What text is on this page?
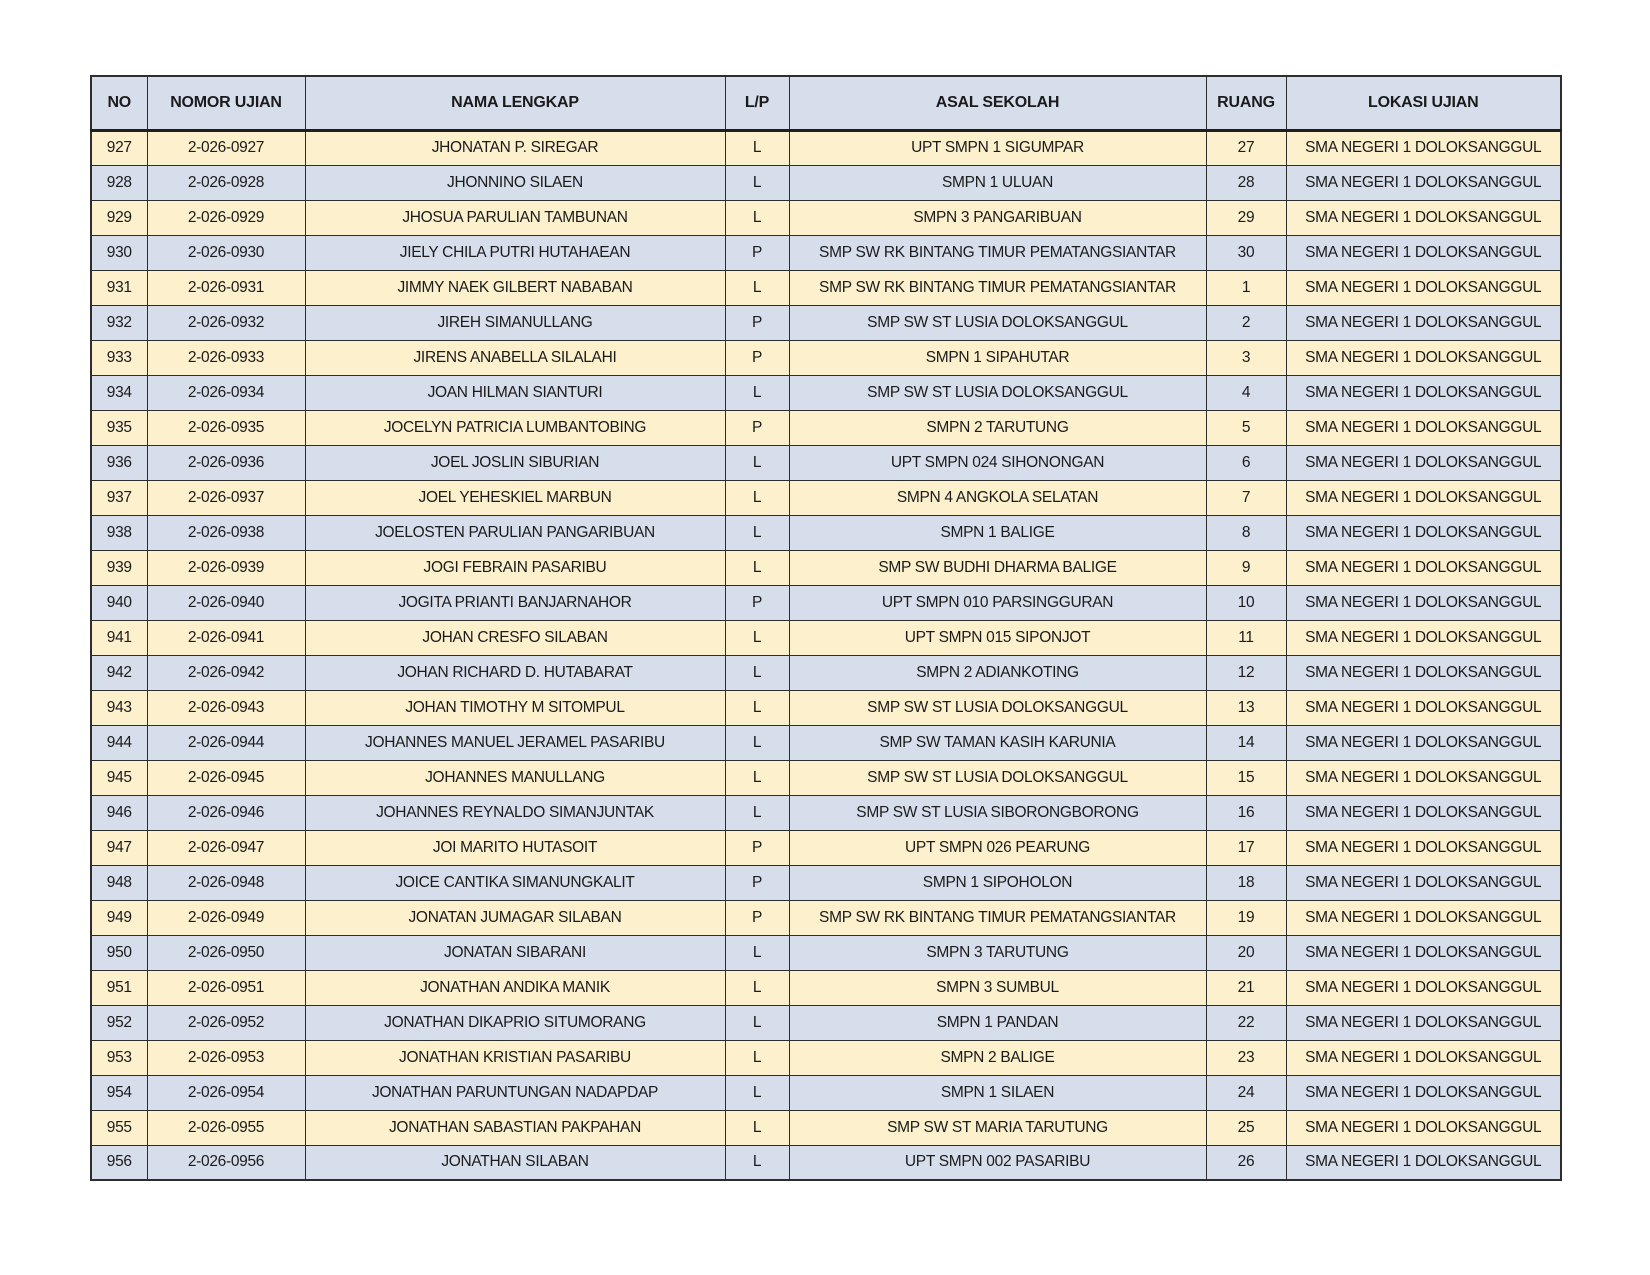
NO	NOMOR UJIAN	NAMA LENGKAP	L/P	ASAL SEKOLAH	RUANG	LOKASI UJIAN
927	2-026-0927	JHONATAN P. SIREGAR	L	UPT SMPN 1 SIGUMPAR	27	SMA NEGERI 1 DOLOKSANGGUL
928	2-026-0928	JHONNINO SILAEN	L	SMPN 1 ULUAN	28	SMA NEGERI 1 DOLOKSANGGUL
929	2-026-0929	JHOSUA PARULIAN TAMBUNAN	L	SMPN 3 PANGARIBUAN	29	SMA NEGERI 1 DOLOKSANGGUL
930	2-026-0930	JIELY CHILA PUTRI HUTAHAEAN	P	SMP SW RK BINTANG TIMUR PEMATANGSIANTAR	30	SMA NEGERI 1 DOLOKSANGGUL
931	2-026-0931	JIMMY NAEK GILBERT NABABAN	L	SMP SW RK BINTANG TIMUR PEMATANGSIANTAR	1	SMA NEGERI 1 DOLOKSANGGUL
932	2-026-0932	JIREH SIMANULLANG	P	SMP SW ST LUSIA DOLOKSANGGUL	2	SMA NEGERI 1 DOLOKSANGGUL
933	2-026-0933	JIRENS ANABELLA SILALAHI	P	SMPN 1 SIPAHUTAR	3	SMA NEGERI 1 DOLOKSANGGUL
934	2-026-0934	JOAN HILMAN SIANTURI	L	SMP SW ST LUSIA DOLOKSANGGUL	4	SMA NEGERI 1 DOLOKSANGGUL
935	2-026-0935	JOCELYN PATRICIA LUMBANTOBING	P	SMPN 2 TARUTUNG	5	SMA NEGERI 1 DOLOKSANGGUL
936	2-026-0936	JOEL JOSLIN SIBURIAN	L	UPT SMPN 024 SIHONONGAN	6	SMA NEGERI 1 DOLOKSANGGUL
937	2-026-0937	JOEL YEHESKIEL MARBUN	L	SMPN 4 ANGKOLA SELATAN	7	SMA NEGERI 1 DOLOKSANGGUL
938	2-026-0938	JOELOSTEN PARULIAN PANGARIBUAN	L	SMPN 1 BALIGE	8	SMA NEGERI 1 DOLOKSANGGUL
939	2-026-0939	JOGI FEBRAIN PASARIBU	L	SMP SW BUDHI DHARMA BALIGE	9	SMA NEGERI 1 DOLOKSANGGUL
940	2-026-0940	JOGITA PRIANTI BANJARNAHOR	P	UPT SMPN 010 PARSINGGURAN	10	SMA NEGERI 1 DOLOKSANGGUL
941	2-026-0941	JOHAN CRESFO SILABAN	L	UPT SMPN 015 SIPONJOT	11	SMA NEGERI 1 DOLOKSANGGUL
942	2-026-0942	JOHAN RICHARD D. HUTABARAT	L	SMPN 2 ADIANKOTING	12	SMA NEGERI 1 DOLOKSANGGUL
943	2-026-0943	JOHAN TIMOTHY M SITOMPUL	L	SMP SW ST LUSIA DOLOKSANGGUL	13	SMA NEGERI 1 DOLOKSANGGUL
944	2-026-0944	JOHANNES MANUEL JERAMEL PASARIBU	L	SMP SW TAMAN KASIH KARUNIA	14	SMA NEGERI 1 DOLOKSANGGUL
945	2-026-0945	JOHANNES MANULLANG	L	SMP SW ST LUSIA DOLOKSANGGUL	15	SMA NEGERI 1 DOLOKSANGGUL
946	2-026-0946	JOHANNES REYNALDO SIMANJUNTAK	L	SMP SW ST LUSIA SIBORONGBORONG	16	SMA NEGERI 1 DOLOKSANGGUL
947	2-026-0947	JOI MARITO HUTASOIT	P	UPT SMPN 026 PEARUNG	17	SMA NEGERI 1 DOLOKSANGGUL
948	2-026-0948	JOICE CANTIKA SIMANUNGKALIT	P	SMPN 1 SIPOHOLON	18	SMA NEGERI 1 DOLOKSANGGUL
949	2-026-0949	JONATAN JUMAGAR SILABAN	P	SMP SW RK BINTANG TIMUR PEMATANGSIANTAR	19	SMA NEGERI 1 DOLOKSANGGUL
950	2-026-0950	JONATAN SIBARANI	L	SMPN 3 TARUTUNG	20	SMA NEGERI 1 DOLOKSANGGUL
951	2-026-0951	JONATHAN ANDIKA MANIK	L	SMPN 3 SUMBUL	21	SMA NEGERI 1 DOLOKSANGGUL
952	2-026-0952	JONATHAN DIKAPRIO SITUMORANG	L	SMPN 1 PANDAN	22	SMA NEGERI 1 DOLOKSANGGUL
953	2-026-0953	JONATHAN KRISTIAN PASARIBU	L	SMPN 2 BALIGE	23	SMA NEGERI 1 DOLOKSANGGUL
954	2-026-0954	JONATHAN PARUNTUNGAN NADAPDAP	L	SMPN 1 SILAEN	24	SMA NEGERI 1 DOLOKSANGGUL
955	2-026-0955	JONATHAN SABASTIAN PAKPAHAN	L	SMP SW ST MARIA TARUTUNG	25	SMA NEGERI 1 DOLOKSANGGUL
956	2-026-0956	JONATHAN SILABAN	L	UPT SMPN 002 PASARIBU	26	SMA NEGERI 1 DOLOKSANGGUL
